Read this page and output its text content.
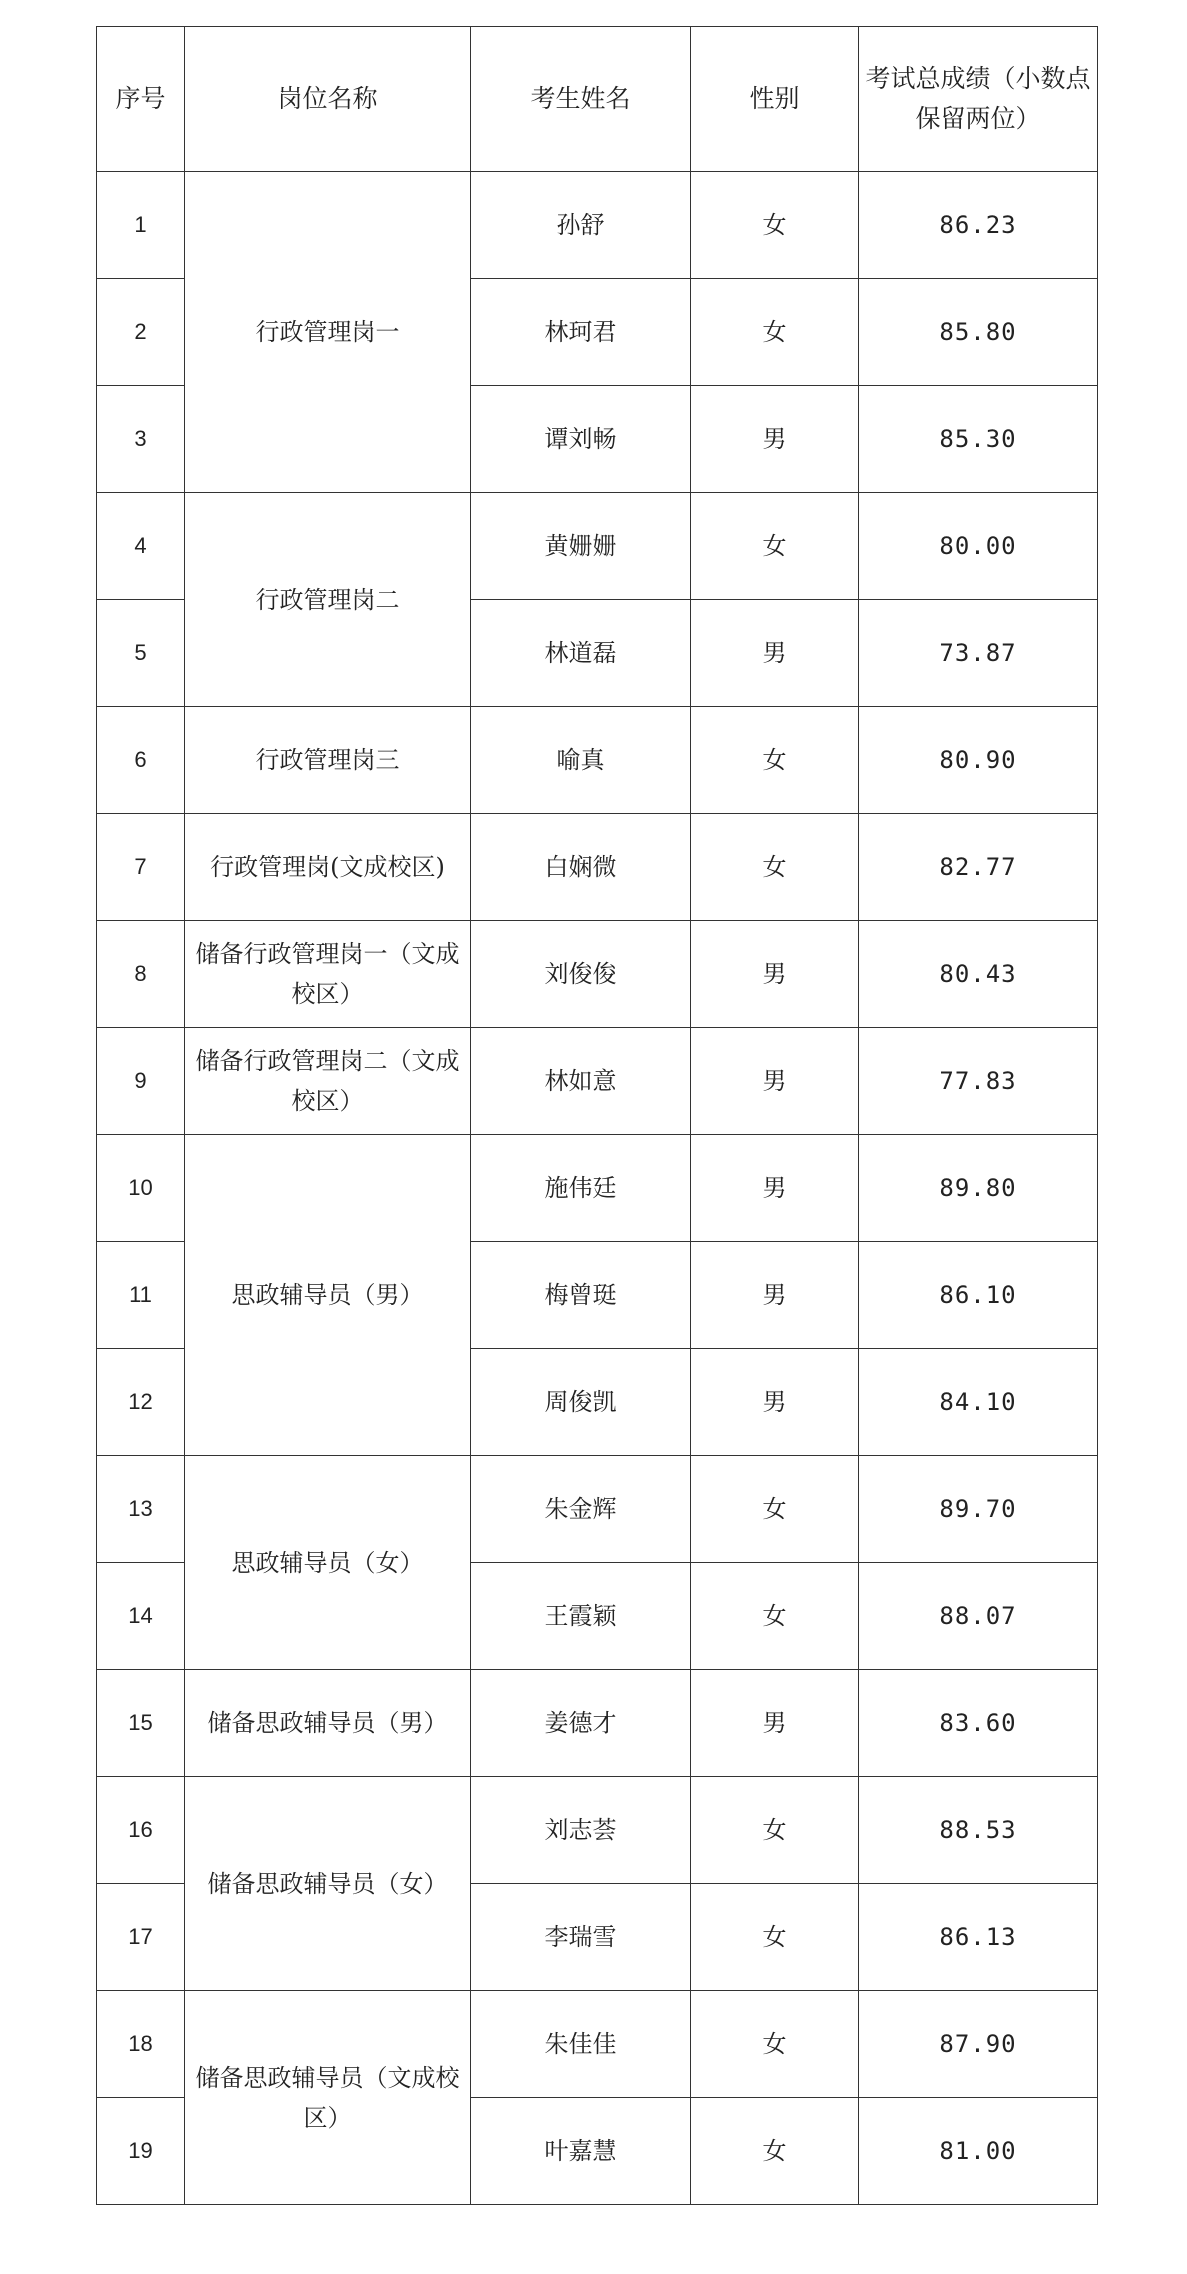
序号	岗位名称	考生姓名	性别	考试总成绩（小数点保留两位）
1	行政管理岗一	孙舒	女	86.23
2		林珂君	女	85.80
3		谭刘畅	男	85.30
4	行政管理岗二	黄姗姗	女	80.00
5		林道磊	男	73.87
6	行政管理岗三	喻真	女	80.90
7	行政管理岗(文成校区)	白娴微	女	82.77
8	储备行政管理岗一（文成校区）	刘俊俊	男	80.43
9	储备行政管理岗二（文成校区）	林如意	男	77.83
10	思政辅导员（男）	施伟廷	男	89.80
11		梅曾珽	男	86.10
12		周俊凯	男	84.10
13	思政辅导员（女）	朱金辉	女	89.70
14		王霞颖	女	88.07
15	储备思政辅导员（男）	姜德才	男	83.60
16	储备思政辅导员（女）	刘志荟	女	88.53
17		李瑞雪	女	86.13
18	储备思政辅导员（文成校区）	朱佳佳	女	87.90
19		叶嘉慧	女	81.00
